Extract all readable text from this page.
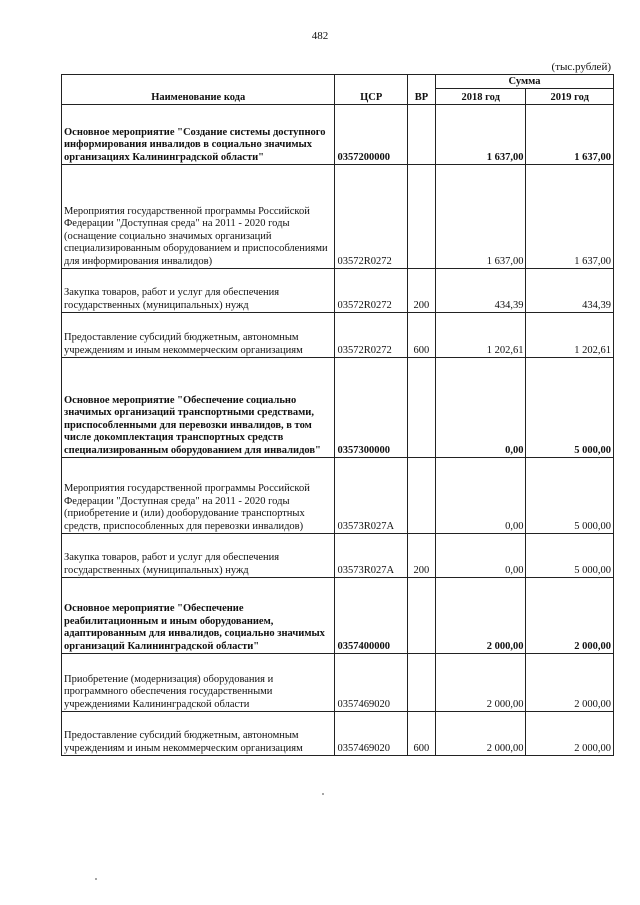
482
(тыс.рублей)
Наименование кода	ЦСР	ВР	Сумма	
			2018 год	2019 год

Основное мероприятие "Создание системы доступного информирования инвалидов в социально значимых организациях Калининградской области"	0357200000		1 637,00	1 637,00

Мероприятия государственной программы Российской Федерации "Доступная среда" на 2011 - 2020 годы (оснащение социально значимых организаций специализированным оборудованием и приспособлениями для информирования инвалидов)	03572R0272		1 637,00	1 637,00

Закупка товаров, работ и услуг для обеспечения государственных (муниципальных) нужд	03572R0272	200	434,39	434,39

Предоставление субсидий бюджетным, автономным учреждениям и иным некоммерческим организациям	03572R0272	600	1 202,61	1 202,61

Основное мероприятие "Обеспечение социально значимых организаций транспортными средствами, приспособленными для перевозки инвалидов, в том числе докомплектация транспортных средств специализированным оборудованием для инвалидов"	0357300000		0,00	5 000,00

Мероприятия государственной программы Российской Федерации "Доступная среда" на 2011 - 2020 годы (приобретение и (или) дооборудование транспортных средств, приспособленных для перевозки инвалидов)	03573R027A		0,00	5 000,00

Закупка товаров, работ и услуг для обеспечения государственных (муниципальных) нужд	03573R027A	200	0,00	5 000,00

Основное мероприятие "Обеспечение реабилитационным и иным оборудованием, адаптированным для инвалидов, социально значимых организаций Калининградской области"	0357400000		2 000,00	2 000,00

Приобретение (модернизация) оборудования и программного обеспечения государственными учреждениями Калининградской области	0357469020		2 000,00	2 000,00

Предоставление субсидий бюджетным, автономным учреждениям и иным некоммерческим организациям	0357469020	600	2 000,00	2 000,00
